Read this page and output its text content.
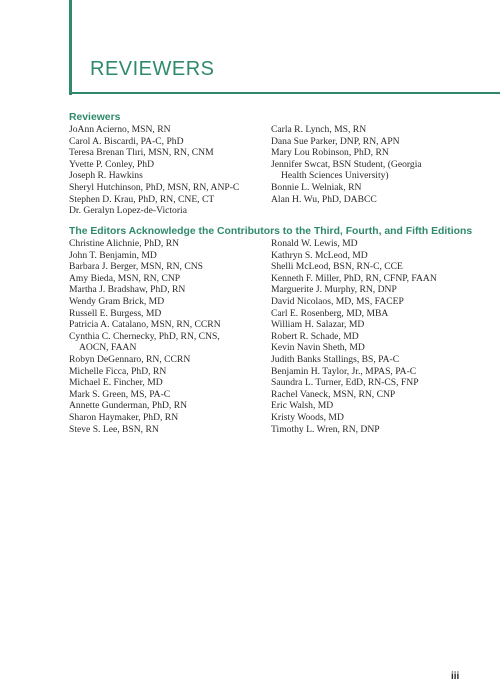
REVIEWERS
Reviewers
JoAnn Acierno, MSN, RN
Carol A. Biscardi, PA-C, PhD
Teresa Brenan Tlıri, MSN, RN, CNM
Yvette P. Conley, PhD
Joseph R. Hawkins
Sheryl Hutchinson, PhD, MSN, RN, ANP-C
Stephen D. Krau, PhD, RN, CNE, CT
Dr. Geralyn Lopez-de-Victoria
Carla R. Lynch, MS, RN
Dana Sue Parker, DNP, RN, APN
Mary Lou Robinson, PhD, RN
Jennifer Swcat, BSN Student, (Georgia
Health Sciences University)
Bonnie L. Welniak, RN
Alan H. Wu, PhD, DABCC
The Editors Acknowledge the Contributors to the Third, Fourth, and Fifth Editions
Christine Alichnie, PhD, RN
John T. Benjamin, MD
Barbara J. Berger, MSN, RN, CNS
Amy Bieda, MSN, RN, CNP
Martha J. Bradshaw, PhD, RN
Wendy Gram Brick, MD
Russell E. Burgess, MD
Patricia A. Catalano, MSN, RN, CCRN
Cynthia C. Chernecky, PhD, RN, CNS,
AOCN, FAAN
Robyn DeGennaro, RN, CCRN
Michelle Ficca, PhD, RN
Michael E. Fincher, MD
Mark S. Green, MS, PA-C
Annette Gunderman, PhD, RN
Sharon Haymaker, PhD, RN
Steve S. Lee, BSN, RN
Ronald W. Lewis, MD
Kathryn S. McLeod, MD
Shelli McLeod, BSN, RN-C, CCE
Kenneth F. Miller, PhD, RN, CFNP, FAAN
Marguerite J. Murphy, RN, DNP
David Nicolaos, MD, MS, FACEP
Carl E. Rosenberg, MD, MBA
William H. Salazar, MD
Robert R. Schade, MD
Kevin Navin Sheth, MD
Judith Banks Stallings, BS, PA-C
Benjamin H. Taylor, Jr., MPAS, PA-C
Saundra L. Turner, EdD, RN-CS, FNP
Rachel Vaneck, MSN, RN, CNP
Eric Walsh, MD
Kristy Woods, MD
Timothy L. Wren, RN, DNP
iii
